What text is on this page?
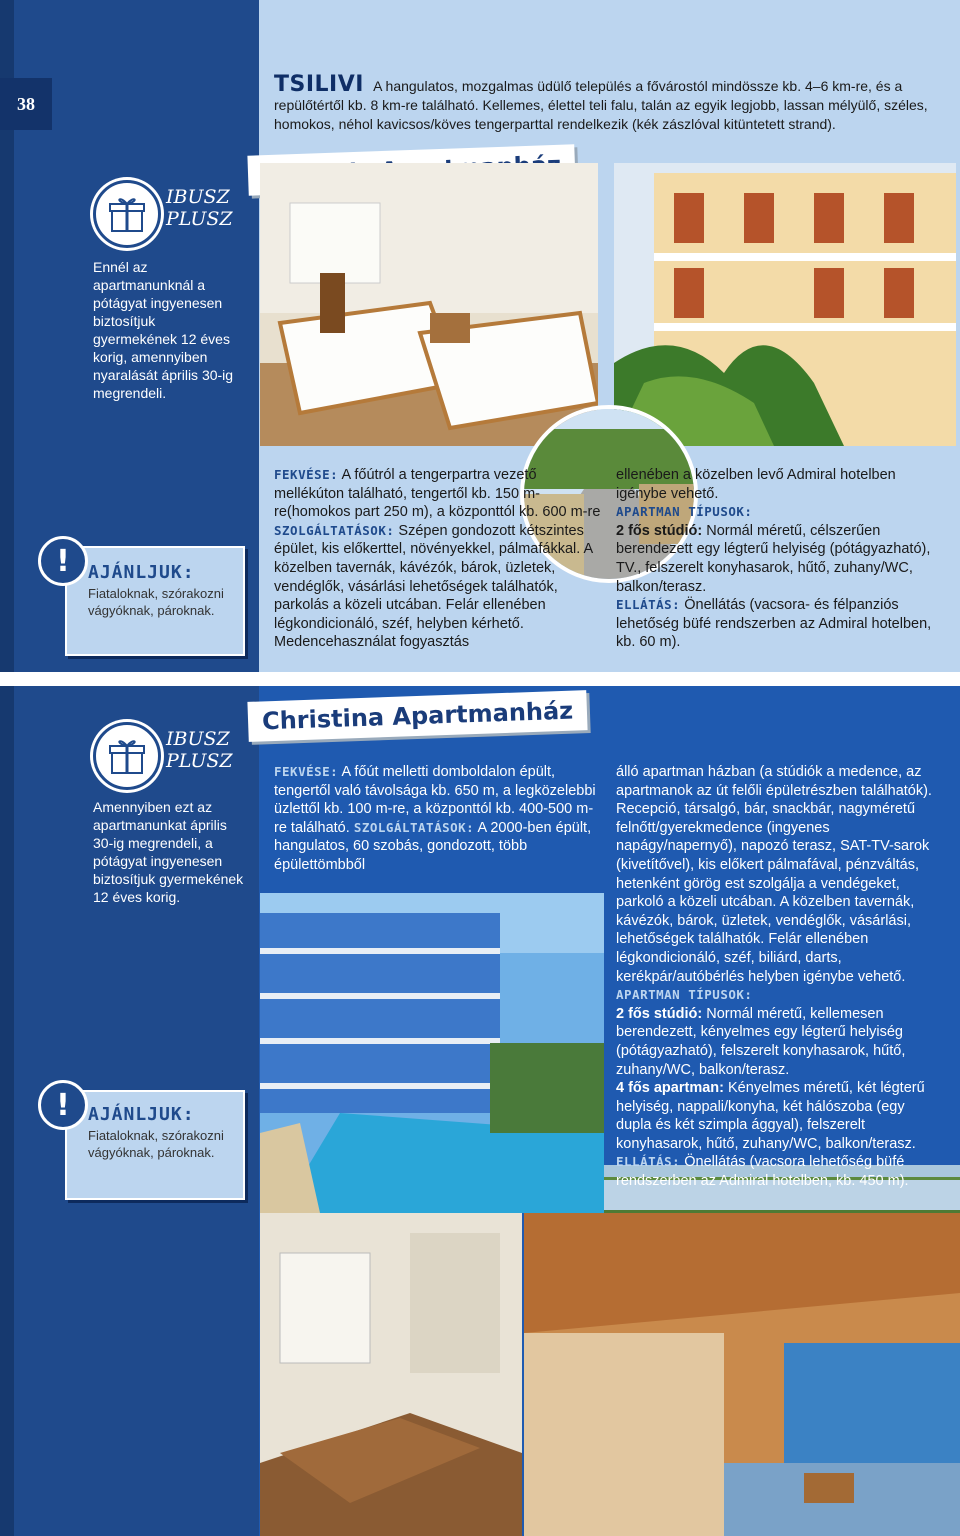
38
TSILIVI A hangulatos, mozgalmas üdülő település a fővárostól mindössze kb. 4–6 km-re, és a repülőtértől kb. 8 km-re található. Kellemes, élettel teli falu, talán az egyik legjobb, lassan mélyülő, széles, homokos, néhol kavicsos/köves tengerparttal rendelkezik (kék zászlóval kitüntetett strand).
IBUSZ
PLUSZ
Ennél az apartmanunknál a pótágyat ingyenesen biztosítjuk gyermekének 12 éves korig, amennyiben nyaralását április 30-ig megrendeli.
!	AJÁNLJUK:
Fiataloknak, szórakozni vágyóknak, pároknak.
FEKVÉSE: A főútról a tengerpartra vezető mellékúton található, tengertől kb. 150 m-re(homokos part 250 m), a központtól kb. 600 m-re SZOLGÁLTATÁSOK: Szépen gondozott kétszintes épület, kis előkerttel, növényekkel, pálmafákkal. A közelben tavernák, kávézók, bárok, üzletek, vendéglők, vásárlási lehetőségek találhatók, parkolás a közeli utcában. Felár ellenében légkondicionáló, széf, helyben kérhető. Medencehasználat fogyasztás
ellenében a közelben levő Admiral hotelben igénybe vehető.
APARTMAN TÍPUSOK:
2 fős stúdió: Normál méretű, célszerűen berendezett egy légterű helyiség (pótágyazható), TV., felszerelt konyhasarok, hűtő, zuhany/WC, balkon/terasz.
ELLÁTÁS: Önellátás (vacsora- és félpanziós lehetőség büfé rendszerben az Admiral hotelben, kb. 60 m).
Christina Apartmanház
IBUSZ
PLUSZ
Amennyiben ezt az apartmanunkat április 30-ig megrendeli, a pótágyat ingyenesen biztosítjuk gyermekének 12 éves korig.
!	AJÁNLJUK:
Fiataloknak, szórakozni vágyóknak, pároknak.
FEKVÉSE: A főút melletti domboldalon épült, tengertől való távolsága kb. 650 m, a legközelebbi üzlettől kb. 100 m-re, a központtól kb. 400-500 m-re található. SZOLGÁLTATÁSOK: A 2000-ben épült, hangulatos, 60 szobás, gondozott, több épülettömbből
álló apartman házban (a stúdiók a medence, az apartmanok az út felőli épületrészben találhatók). Recepció, társalgó, bár, snackbár, nagyméretű felnőtt/gyerekmedence (ingyenes napágy/napernyő), napozó terasz, SAT-TV-sarok (kivetítővel), kis előkert pálmafával, pénzváltás, hetenként görög est szolgálja a vendégeket, parkoló a közeli utcában. A közelben tavernák, kávézók, bárok, üzletek, vendéglők, vásárlási, lehetőségek találhatók. Felár ellenében légkondicionáló, széf, biliárd, darts, kerékpár/autóbérlés helyben igénybe vehető.
APARTMAN TÍPUSOK:
2 fős stúdió: Normál méretű, kellemesen berendezett, kényelmes egy légterű helyiség (pótágyazható), felszerelt konyhasarok, hűtő, zuhany/WC, balkon/terasz.
4 fős apartman: Kényelmes méretű, két légterű helyiség, nappali/konyha, két hálószoba (egy dupla és két szimpla ággyal), felszerelt konyhasarok, hűtő, zuhany/WC, balkon/terasz.
ELLÁTÁS: Önellátás (vacsora lehetőség büfé rendszerben az Admiral hotelben, kb. 450 m).
